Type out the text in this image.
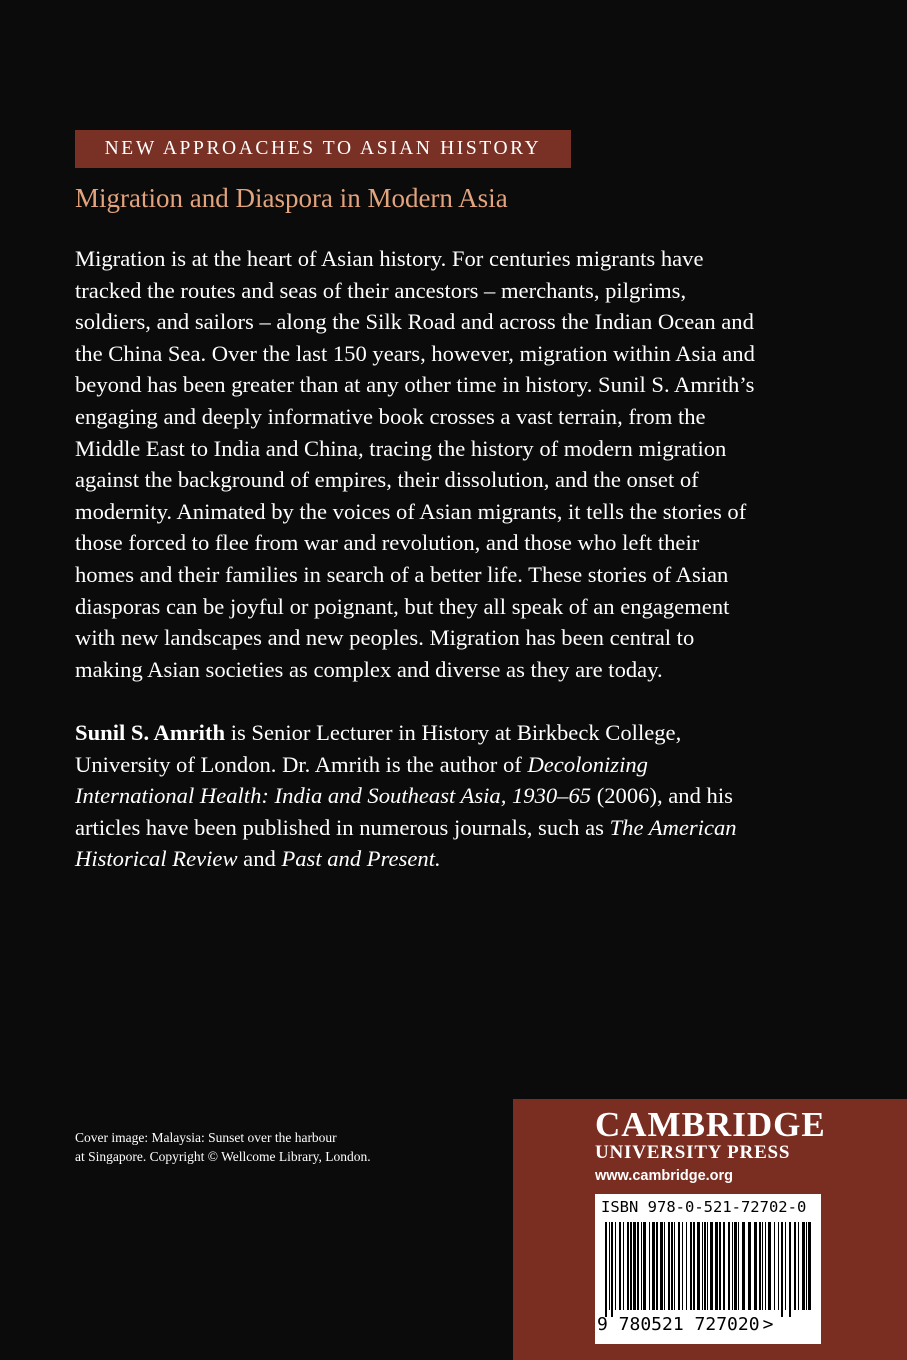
NEW APPROACHES TO ASIAN HISTORY
Migration and Diaspora in Modern Asia
Migration is at the heart of Asian history. For centuries migrants have
tracked the routes and seas of their ancestors – merchants, pilgrims,
soldiers, and sailors – along the Silk Road and across the Indian Ocean and
the China Sea. Over the last 150 years, however, migration within Asia and
beyond has been greater than at any other time in history. Sunil S. Amrith’s
engaging and deeply informative book crosses a vast terrain, from the
Middle East to India and China, tracing the history of modern migration
against the background of empires, their dissolution, and the onset of
modernity. Animated by the voices of Asian migrants, it tells the stories of
those forced to flee from war and revolution, and those who left their
homes and their families in search of a better life. These stories of Asian
diasporas can be joyful or poignant, but they all speak of an engagement
with new landscapes and new peoples. Migration has been central to
making Asian societies as complex and diverse as they are today.
Sunil S. Amrith is Senior Lecturer in History at Birkbeck College,
University of London. Dr. Amrith is the author of Decolonizing
International Health: India and Southeast Asia, 1930–65 (2006), and his
articles have been published in numerous journals, such as The American
Historical Review and Past and Present.
Cover image: Malaysia: Sunset over the harbour
at Singapore. Copyright © Wellcome Library, London.
CAMBRIDGE
UNIVERSITY PRESS
www.cambridge.org
ISBN 978-0-521-72702-0
9 780521 727020 >
